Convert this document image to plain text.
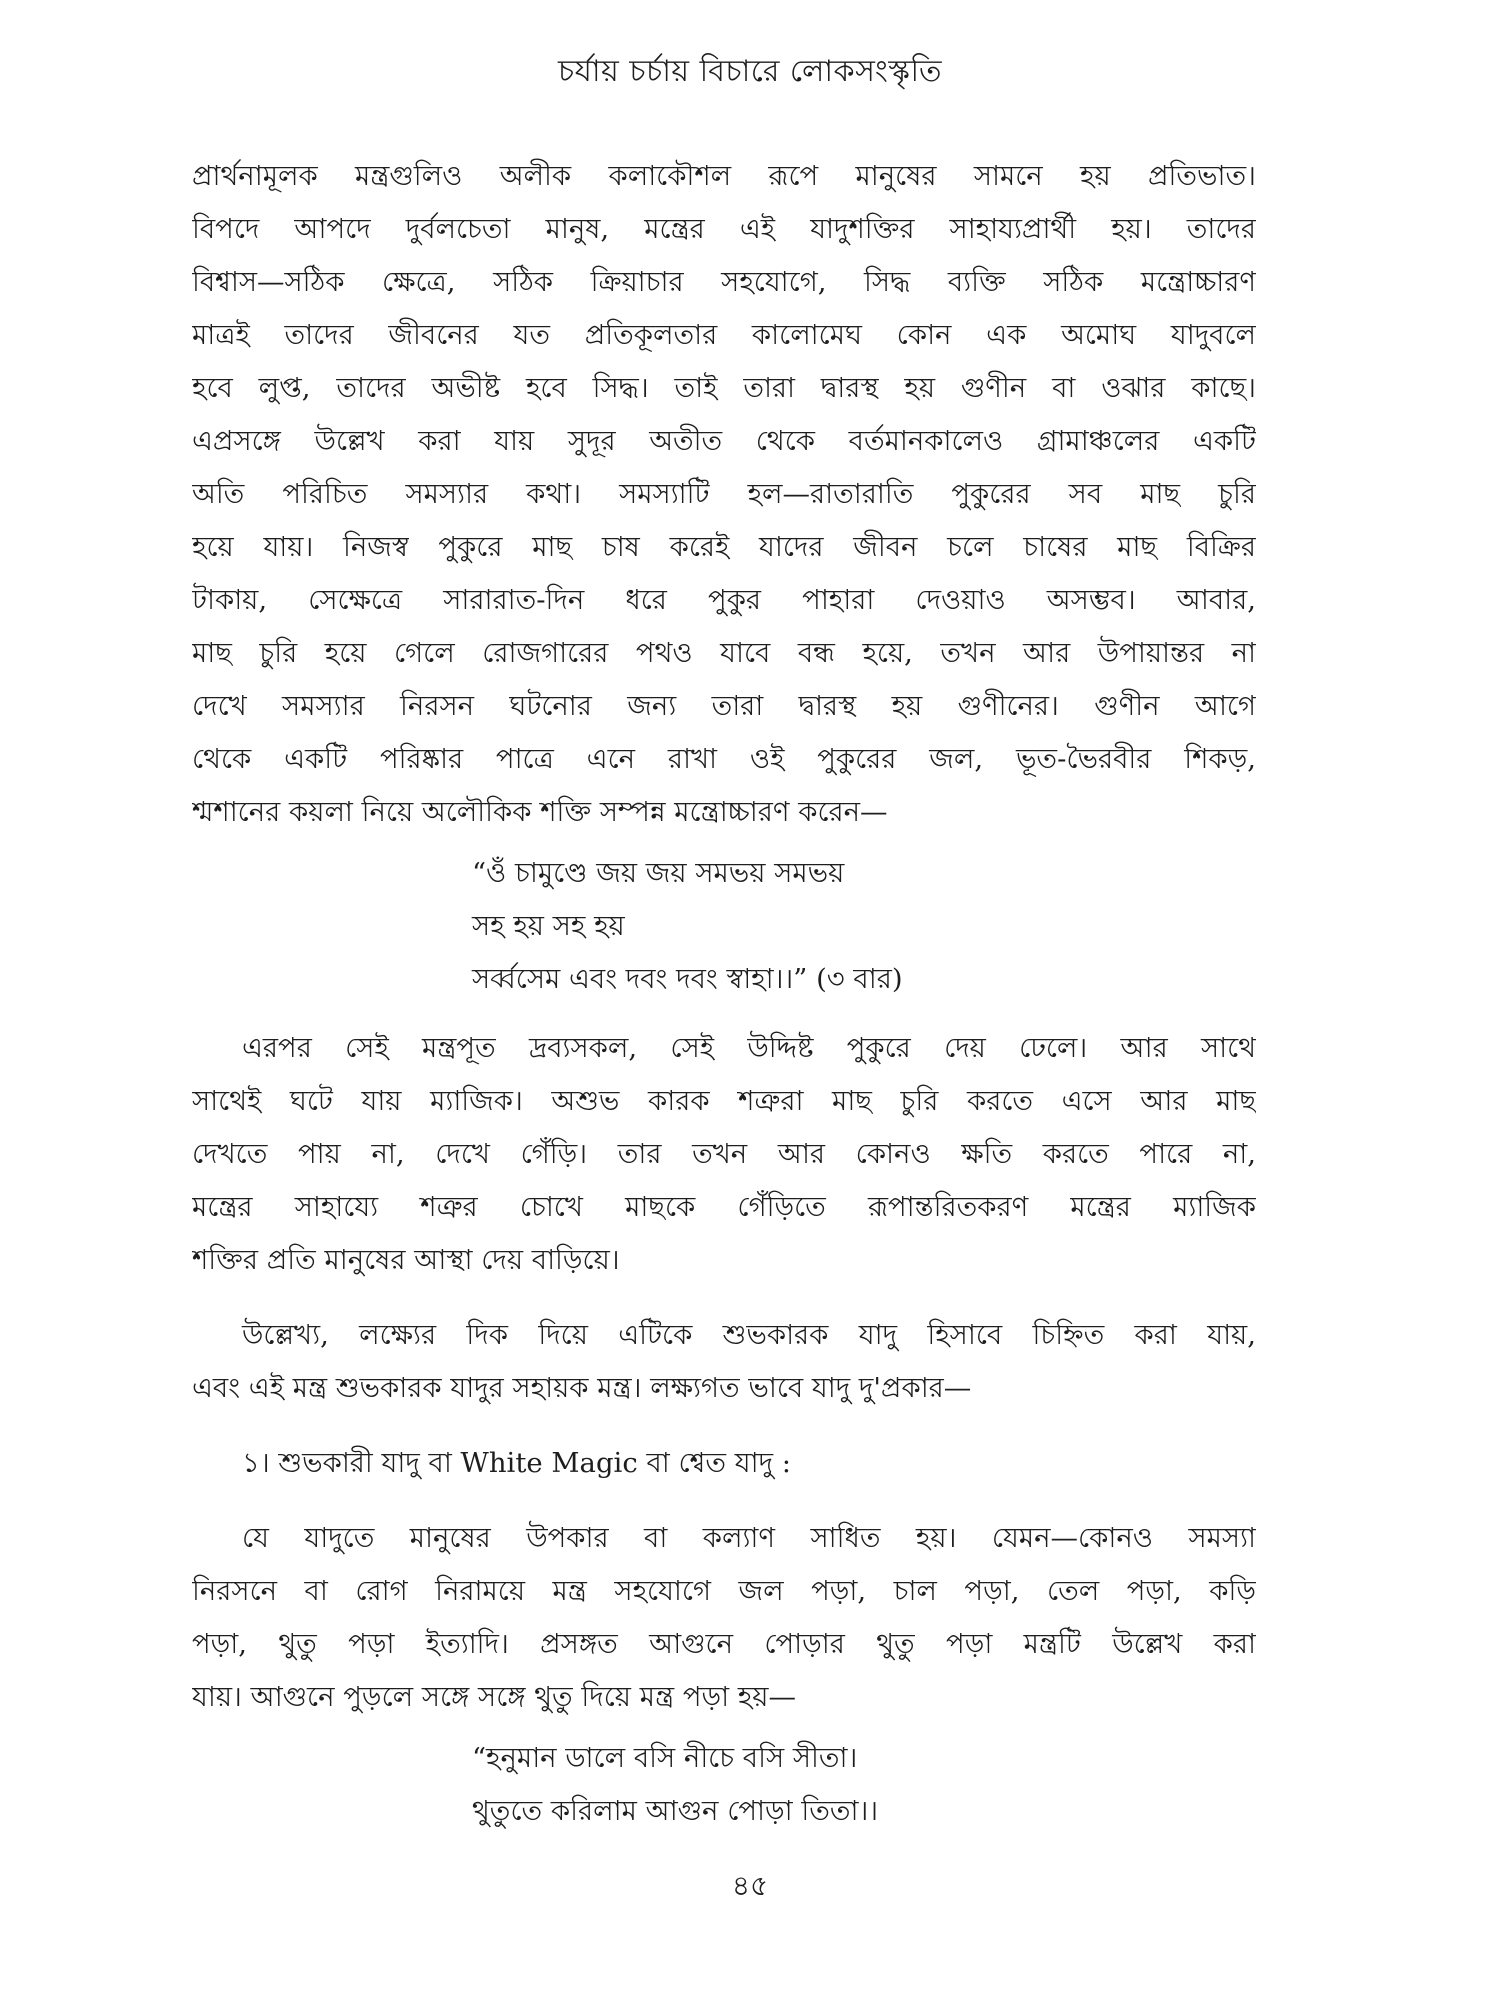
চর্যায় চর্চায় বিচারে লোকসংস্কৃতি

প্রার্থনামূলক মন্ত্রগুলিও অলীক কলাকৌশল রূপে মানুষের সামনে হয় প্রতিভাত।
বিপদে আপদে দুর্বলচেতা মানুষ, মন্ত্রের এই যাদুশক্তির সাহায্যপ্রার্থী হয়। তাদের
বিশ্বাস—সঠিক ক্ষেত্রে, সঠিক ক্রিয়াচার সহযোগে, সিদ্ধ ব্যক্তি সঠিক মন্ত্রোচ্চারণ
মাত্রই তাদের জীবনের যত প্রতিকূলতার কালোমেঘ কোন এক অমোঘ যাদুবলে
হবে লুপ্ত, তাদের অভীষ্ট হবে সিদ্ধ। তাই তারা দ্বারস্থ হয় গুণীন বা ওঝার কাছে।
এপ্রসঙ্গে উল্লেখ করা যায় সুদূর অতীত থেকে বর্তমানকালেও গ্রামাঞ্চলের একটি
অতি পরিচিত সমস্যার কথা। সমস্যাটি হল—রাতারাতি পুকুরের সব মাছ চুরি
হয়ে যায়। নিজস্ব পুকুরে মাছ চাষ করেই যাদের জীবন চলে চাষের মাছ বিক্রির
টাকায়, সেক্ষেত্রে সারারাত-দিন ধরে পুকুর পাহারা দেওয়াও অসম্ভব। আবার,
মাছ চুরি হয়ে গেলে রোজগারের পথও যাবে বন্ধ হয়ে, তখন আর উপায়ান্তর না
দেখে সমস্যার নিরসন ঘটনোর জন্য তারা দ্বারস্থ হয় গুণীনের। গুণীন আগে
থেকে একটি পরিষ্কার পাত্রে এনে রাখা ওই পুকুরের জল, ভূত-ভৈরবীর শিকড়,
শ্মশানের কয়লা নিয়ে অলৌকিক শক্তি সম্পন্ন মন্ত্রোচ্চারণ করেন—

“ওঁ চামুণ্ডে জয় জয় সমভয় সমভয়
সহ হয় সহ হয়
সর্ব্বসেম এবং দবং দবং স্বাহা।।” (৩ বার)

এরপর সেই মন্ত্রপূত দ্রব্যসকল, সেই উদ্দিষ্ট পুকুরে দেয় ঢেলে। আর সাথে
সাথেই ঘটে যায় ম্যাজিক। অশুভ কারক শত্রুরা মাছ চুরি করতে এসে আর মাছ
দেখতে পায় না, দেখে গেঁড়ি। তার তখন আর কোনও ক্ষতি করতে পারে না,
মন্ত্রের সাহায্যে শত্রুর চোখে মাছকে গেঁড়িতে রূপান্তরিতকরণ মন্ত্রের ম্যাজিক
শক্তির প্রতি মানুষের আস্থা দেয় বাড়িয়ে।

উল্লেখ্য, লক্ষ্যের দিক দিয়ে এটিকে শুভকারক যাদু হিসাবে চিহ্নিত করা যায়,
এবং এই মন্ত্র শুভকারক যাদুর সহায়ক মন্ত্র। লক্ষ্যগত ভাবে যাদু দু'প্রকার—

১। শুভকারী যাদু বা White Magic বা শ্বেত যাদু :

যে যাদুতে মানুষের উপকার বা কল্যাণ সাধিত হয়। যেমন—কোনও সমস্যা
নিরসনে বা রোগ নিরাময়ে মন্ত্র সহযোগে জল পড়া, চাল পড়া, তেল পড়া, কড়ি
পড়া, থুতু পড়া ইত্যাদি। প্রসঙ্গত আগুনে পোড়ার থুতু পড়া মন্ত্রটি উল্লেখ করা
যায়। আগুনে পুড়লে সঙ্গে সঙ্গে থুতু দিয়ে মন্ত্র পড়া হয়—

“হনুমান ডালে বসি নীচে বসি সীতা।
থুতুতে করিলাম আগুন পোড়া তিতা।।
৪৫
